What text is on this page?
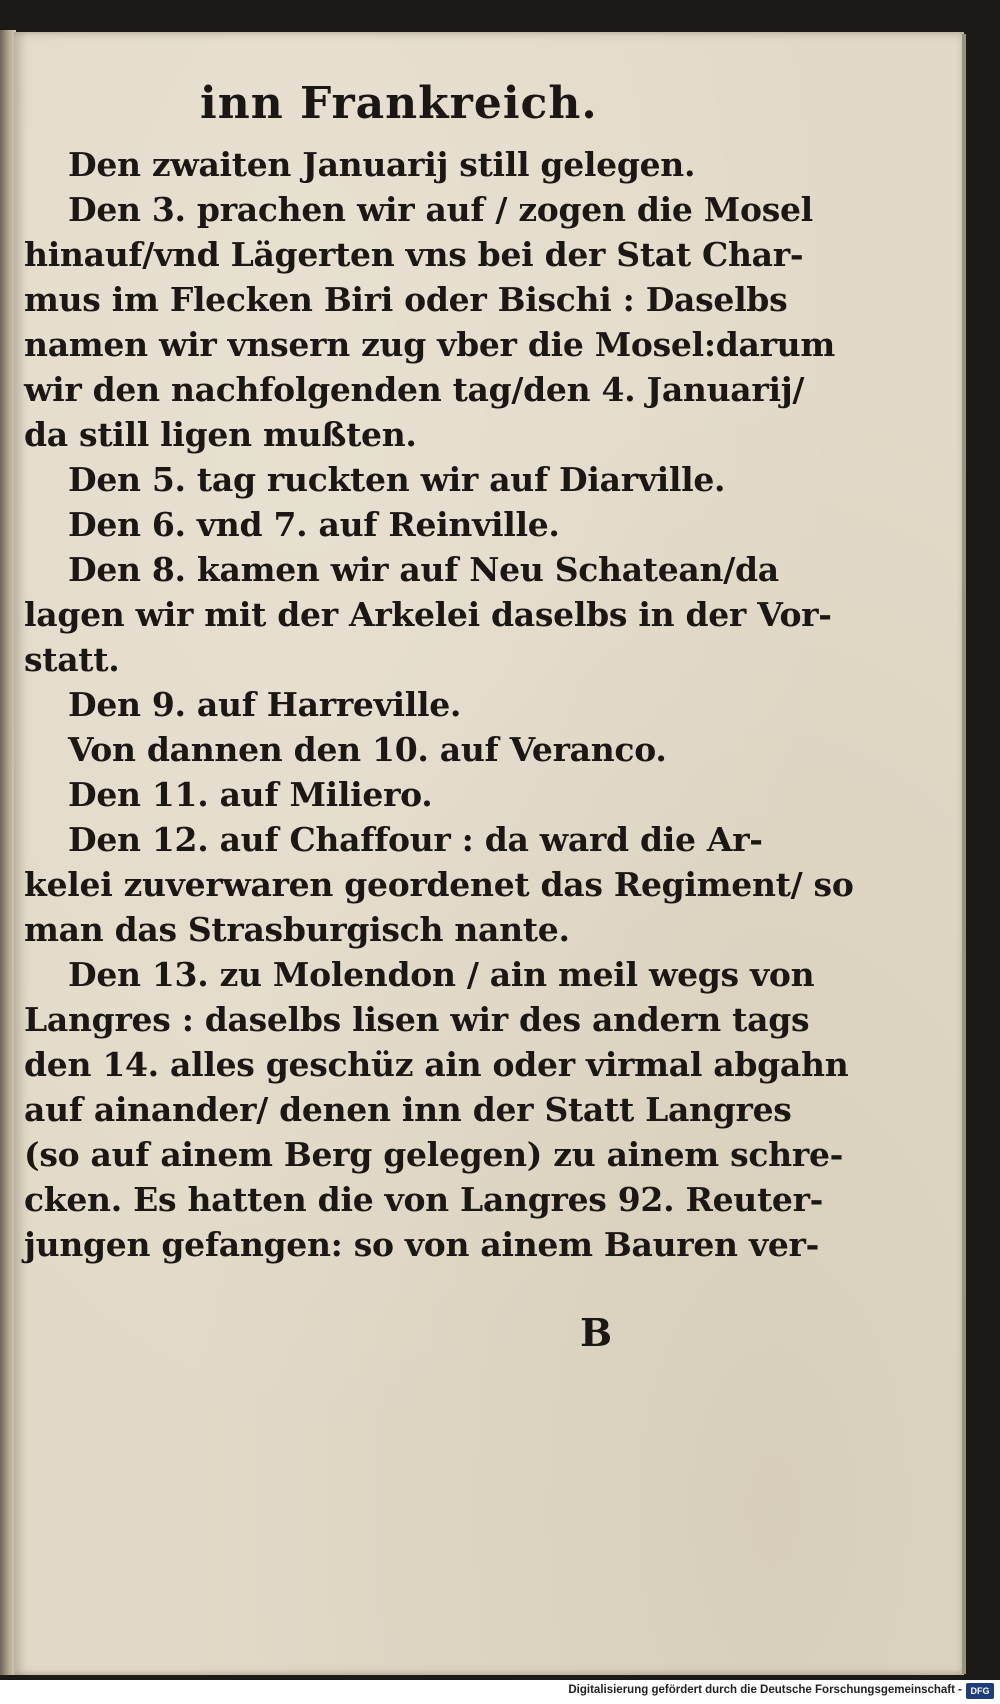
inn Frankreich.
Den zwaiten Januarij still gelegen.
Den 3. prachen wir auf / zogen die Mosel
hinauf/vnd Lägerten vns bei der Stat Char-
mus im Flecken Biri oder Bischi : Daselbs
namen wir vnsern zug vber die Mosel:darum
wir den nachfolgenden tag/den 4. Januarij/
da still ligen mußten.
Den 5. tag ruckten wir auf Diarville.
Den 6. vnd 7. auf Reinville.
Den 8. kamen wir auf Neu Schatean/da
lagen wir mit der Arkelei daselbs in der Vor-
statt.
Den 9. auf Harreville.
Von dannen den 10. auf Veranco.
Den 11. auf Miliero.
Den 12. auf Chaffour : da ward die Ar-
kelei zuverwaren geordenet das Regiment/ so
man das Strasburgisch nante.
Den 13. zu Molendon / ain meil wegs von
Langres : daselbs lisen wir des andern tags
den 14. alles geschüz ain oder virmal abgahn
auf ainander/ denen inn der Statt Langres
(so auf ainem Berg gelegen) zu ainem schre-
cken. Es hatten die von Langres 92. Reuter-
jungen gefangen: so von ainem Bauren ver-
B
Digitalisierung gefördert durch die Deutsche Forschungsgemeinschaft - DFG
